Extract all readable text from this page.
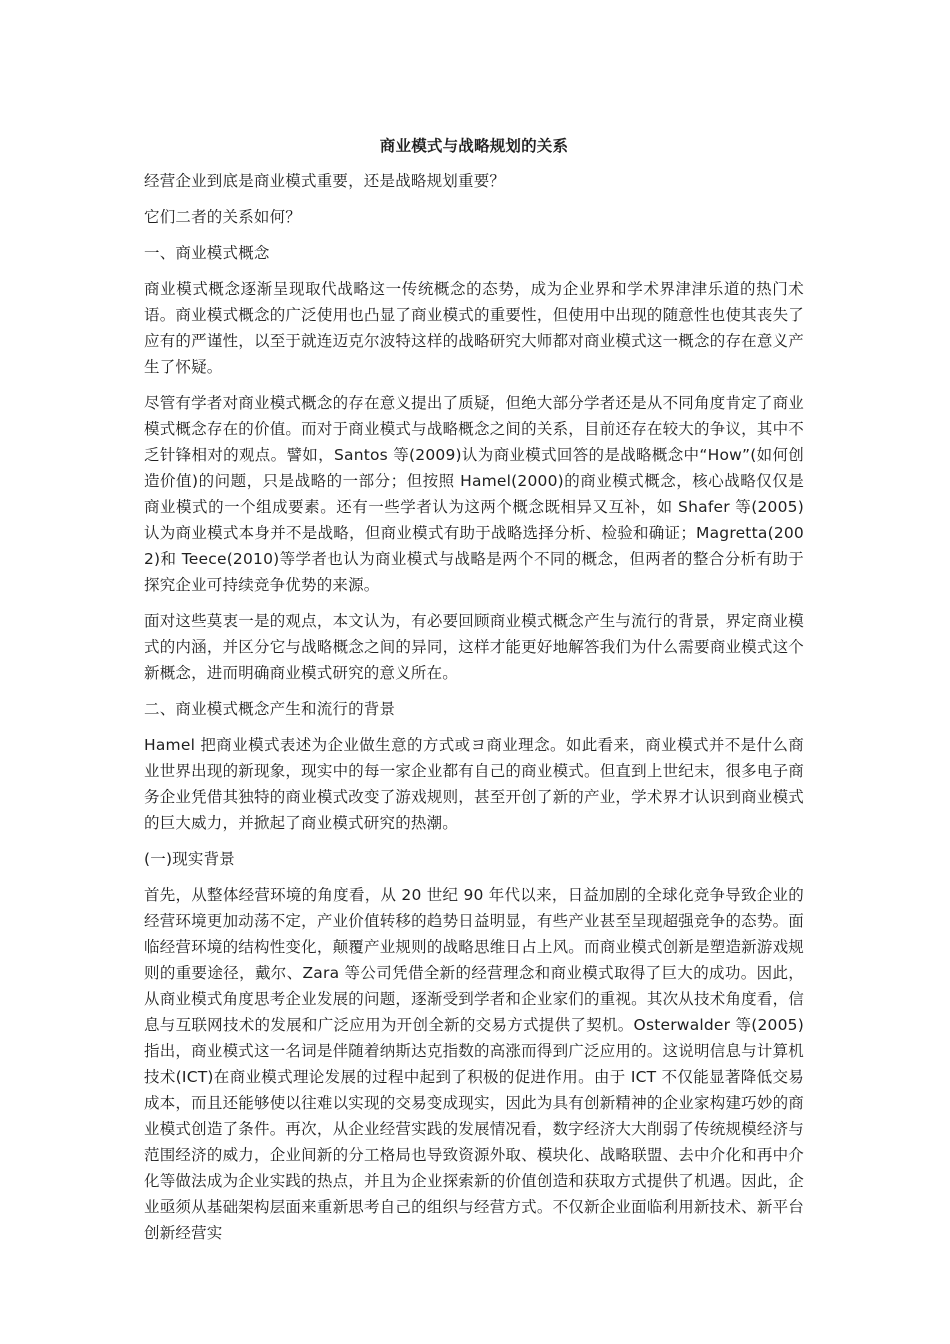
商业模式与战略规划的关系

经营企业到底是商业模式重要，还是战略规划重要？

它们二者的关系如何？

一、商业模式概念

商业模式概念逐渐呈现取代战略这一传统概念的态势，成为企业界和学术界津津乐道的热门术语。商业模式概念的广泛使用也凸显了商业模式的重要性，但使用中出现的随意性也使其丧失了应有的严谨性，以至于就连迈克尔波特这样的战略研究大师都对商业模式这一概念的存在意义产生了怀疑。

尽管有学者对商业模式概念的存在意义提出了质疑，但绝大部分学者还是从不同角度肯定了商业模式概念存在的价值。而对于商业模式与战略概念之间的关系，目前还存在较大的争议，其中不乏针锋相对的观点。譬如，Santos 等(2009)认为商业模式回答的是战略概念中“How”(如何创造价值)的问题，只是战略的一部分；但按照 Hamel(2000)的商业模式概念，核心战略仅仅是商业模式的一个组成要素。还有一些学者认为这两个概念既相异又互补，如 Shafer 等(2005)认为商业模式本身并不是战略，但商业模式有助于战略选择分析、检验和确证；Magretta(2002)和 Teece(2010)等学者也认为商业模式与战略是两个不同的概念，但两者的整合分析有助于探究企业可持续竞争优势的来源。

面对这些莫衷一是的观点，本文认为，有必要回顾商业模式概念产生与流行的背景，界定商业模式的内涵，并区分它与战略概念之间的异同，这样才能更好地解答我们为什么需要商业模式这个新概念，进而明确商业模式研究的意义所在。

二、商业模式概念产生和流行的背景

Hamel 把商业模式表述为企业做生意的方式或ヨ商业理念。如此看来，商业模式并不是什么商业世界出现的新现象，现实中的每一家企业都有自己的商业模式。但直到上世纪末，很多电子商务企业凭借其独特的商业模式改变了游戏规则，甚至开创了新的产业，学术界才认识到商业模式的巨大威力，并掀起了商业模式研究的热潮。

(一)现实背景

首先，从整体经营环境的角度看，从 20 世纪 90 年代以来，日益加剧的全球化竞争导致企业的经营环境更加动荡不定，产业价值转移的趋势日益明显，有些产业甚至呈现超强竞争的态势。面临经营环境的结构性变化，颠覆产业规则的战略思维日占上风。而商业模式创新是塑造新游戏规则的重要途径，戴尔、Zara 等公司凭借全新的经营理念和商业模式取得了巨大的成功。因此，从商业模式角度思考企业发展的问题，逐渐受到学者和企业家们的重视。其次从技术角度看，信息与互联网技术的发展和广泛应用为开创全新的交易方式提供了契机。Osterwalder 等(2005)指出，商业模式这一名词是伴随着纳斯达克指数的高涨而得到广泛应用的。这说明信息与计算机技术(ICT)在商业模式理论发展的过程中起到了积极的促进作用。由于 ICT 不仅能显著降低交易成本，而且还能够使以往难以实现的交易变成现实，因此为具有创新精神的企业家构建巧妙的商业模式创造了条件。再次，从企业经营实践的发展情况看，数字经济大大削弱了传统规模经济与范围经济的威力，企业间新的分工格局也导致资源外取、模块化、战略联盟、去中介化和再中介化等做法成为企业实践的热点，并且为企业探索新的价值创造和获取方式提供了机遇。因此，企业亟须从基础架构层面来重新思考自己的组织与经营方式。不仅新企业面临利用新技术、新平台创新经营实
